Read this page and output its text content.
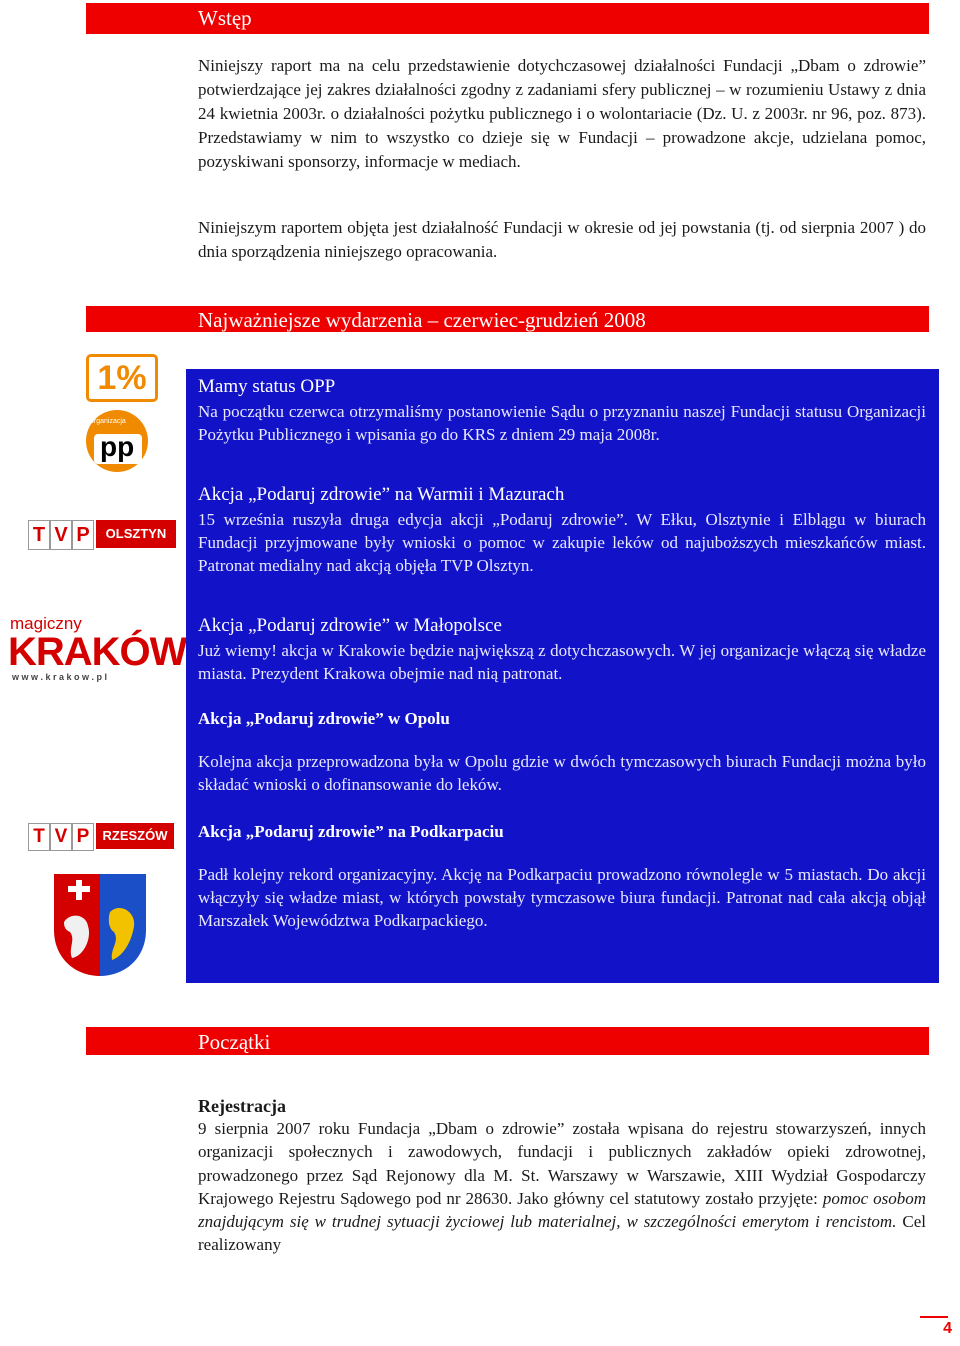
Wstęp

Niniejszy raport ma na celu przedstawienie dotychczasowej działalności Fundacji „Dbam o zdrowie” potwierdzające jej zakres działalności zgodny z zadaniami sfery publicznej – w rozumieniu Ustawy z dnia 24 kwietnia 2003r. o działalności pożytku publicznego i o wolontariacie (Dz. U. z 2003r. nr 96, poz. 873). Przedstawiamy w nim to wszystko co dzieje się w Fundacji – prowadzone akcje, udzielana pomoc, pozyskiwani sponsorzy, informacje w mediach.

Niniejszym raportem objęta jest działalność Fundacji w okresie od jej powstania (tj. od sierpnia 2007 ) do dnia sporządzenia niniejszego opracowania.

Najważniejsze wydarzenia – czerwiec-grudzień 2008
1%
organizacja
pp
T V P	OLSZTYN
magiczny
KRAKÓW
w w w . k r a k o w . p l
T V P	RZESZÓW
Mamy status OPP

Na początku czerwca otrzymaliśmy postanowienie Sądu o przyznaniu naszej Fundacji statusu Organizacji Pożytku Publicznego i wpisania go do KRS z dniem 29 maja 2008r.

Akcja „Podaruj zdrowie” na Warmii i Mazurach

15 września ruszyła druga edycja akcji „Podaruj zdrowie”. W Ełku, Olsztynie i Elblągu w biurach Fundacji przyjmowane były wnioski o pomoc w zakupie leków od najuboższych mieszkańców miast. Patronat medialny nad akcją objęła TVP Olsztyn.

Akcja „Podaruj zdrowie” w Małopolsce

Już wiemy! akcja w Krakowie będzie największą z dotychczasowych. W jej organizacje włączą się władze miasta. Prezydent Krakowa obejmie nad nią patronat.

Akcja „Podaruj zdrowie” w Opolu

Kolejna akcja przeprowadzona była w Opolu gdzie w dwóch tymczasowych biurach Fundacji można było składać wnioski o dofinansowanie do leków.

Akcja „Podaruj zdrowie” na Podkarpaciu

Padł kolejny rekord organizacyjny. Akcję na Podkarpaciu prowadzono równolegle w 5 miastach. Do akcji włączyły się władze miast, w których powstały tymczasowe biura fundacji. Patronat nad cała akcją objął Marszałek Województwa Podkarpackiego.

Początki
Rejestracja

9 sierpnia 2007 roku Fundacja „Dbam o zdrowie” została wpisana do rejestru stowarzyszeń, innych organizacji społecznych i zawodowych, fundacji i publicznych zakładów opieki zdrowotnej, prowadzonego przez Sąd Rejonowy dla M. St. Warszawy w Warszawie, XIII Wydział Gospodarczy Krajowego Rejestru Sądowego pod nr 28630. Jako główny cel statutowy zostało przyjęte: pomoc osobom znajdującym się w trudnej sytuacji życiowej lub materialnej, w szczególności emerytom i rencistom. Cel realizowany

4
